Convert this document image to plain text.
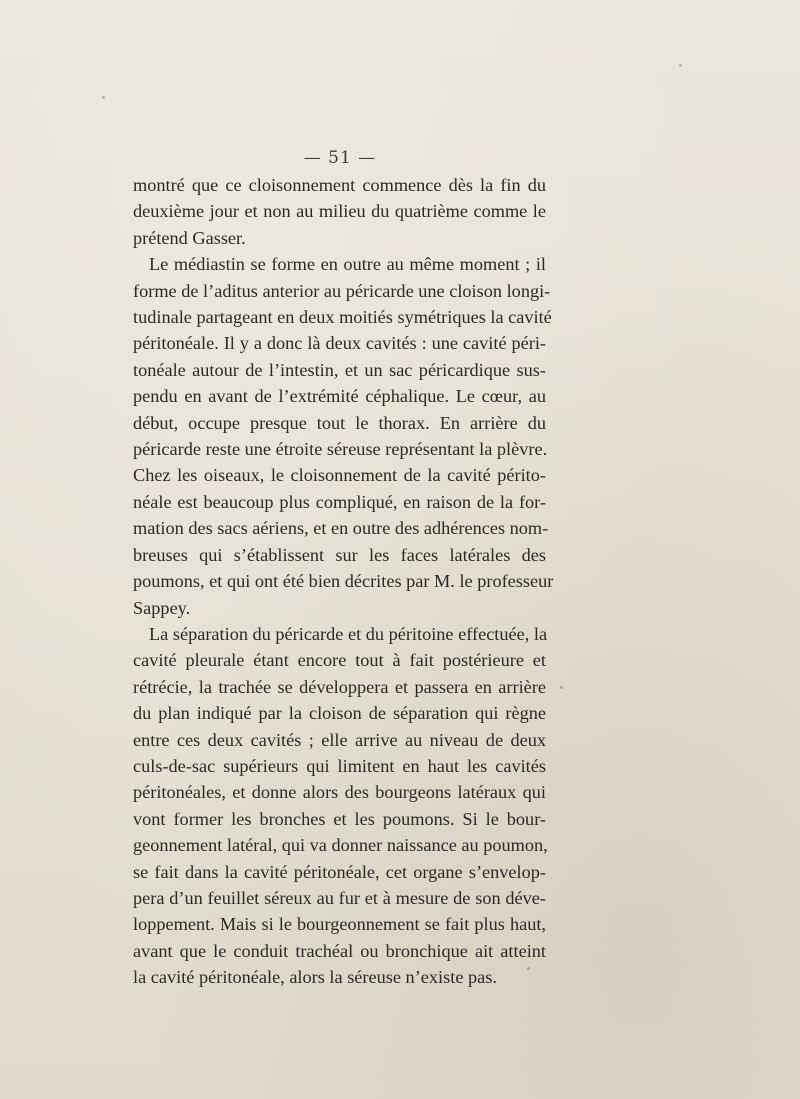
— 51 —
montré que ce cloisonnement commence dès la fin du
deuxième jour et non au milieu du quatrième comme le
prétend Gasser.
Le médiastin se forme en outre au même moment ; il
forme de l’aditus anterior au péricarde une cloison longi-
tudinale partageant en deux moitiés symétriques la cavité
péritonéale. Il y a donc là deux cavités : une cavité péri-
tonéale autour de l’intestin, et un sac péricardique sus-
pendu en avant de l’extrémité céphalique. Le cœur, au
début, occupe presque tout le thorax. En arrière du
péricarde reste une étroite séreuse représentant la plèvre.
Chez les oiseaux, le cloisonnement de la cavité périto-
néale est beaucoup plus compliqué, en raison de la for-
mation des sacs aériens, et en outre des adhérences nom-
breuses qui s’établissent sur les faces latérales des
poumons, et qui ont été bien décrites par M. le professeur
Sappey.
La séparation du péricarde et du péritoine effectuée, la
cavité pleurale étant encore tout à fait postérieure et
rétrécie, la trachée se développera et passera en arrière
du plan indiqué par la cloison de séparation qui règne
entre ces deux cavités ; elle arrive au niveau de deux
culs-de-sac supérieurs qui limitent en haut les cavités
péritonéales, et donne alors des bourgeons latéraux qui
vont former les bronches et les poumons. Si le bour-
geonnement latéral, qui va donner naissance au poumon,
se fait dans la cavité péritonéale, cet organe s’envelop-
pera d’un feuillet séreux au fur et à mesure de son déve-
loppement. Mais si le bourgeonnement se fait plus haut,
avant que le conduit trachéal ou bronchique ait atteint
la cavité péritonéale, alors la séreuse n’existe pas.
